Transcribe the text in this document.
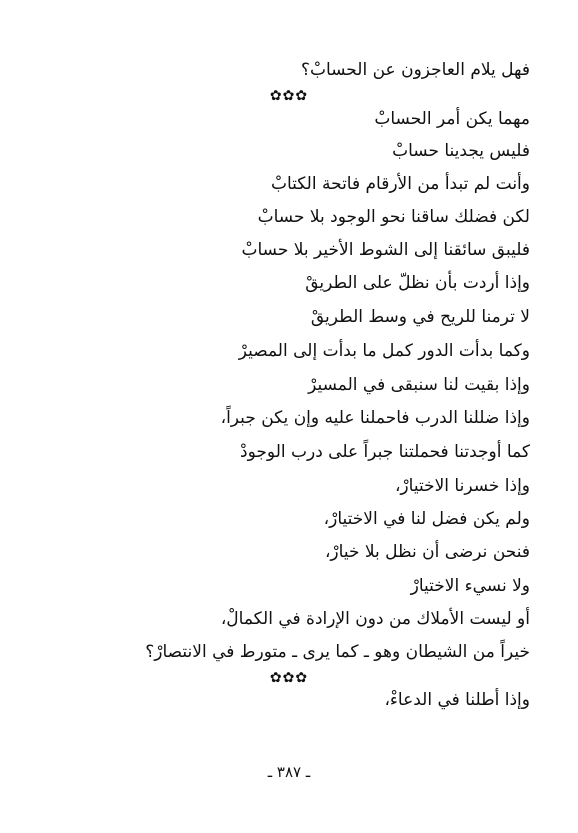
فهل يلام العاجزون عن الحسابْ؟
✿✿✿
مهما يكن أمر الحسابْ
فليس يجدينا حسابْ
وأنت لم تبدأ من الأرقام فاتحة الكتابْ
لكن فضلك ساقنا نحو الوجود بلا حسابْ
فليبق سائقنا إلى الشوط الأخير بلا حسابْ
وإذا أردت بأن نظلّ على الطريقْ
لا ترمنا للريح في وسط الطريقْ
وكما بدأت الدور كمل ما بدأت إلى المصيرْ
وإذا بقيت لنا سنبقى في المسيرْ
وإذا ضللنا الدرب فاحملنا عليه وإن يكن جبراً،
كما أوجدتنا فحملتنا جبراً على درب الوجودْ
وإذا خسرنا الاختيارْ،
ولم يكن فضل لنا في الاختيارْ،
فنحن نرضى أن نظل بلا خيارْ،
ولا نسيء الاختيارْ
أو ليست الأملاك من دون الإرادة في الكمالْ،
خيراً من الشيطان وهو ـ كما يرى ـ متورط في الانتصارْ؟
✿✿✿
وإذا أطلنا في الدعاءْ،
ـ ٣٨٧ ـ
